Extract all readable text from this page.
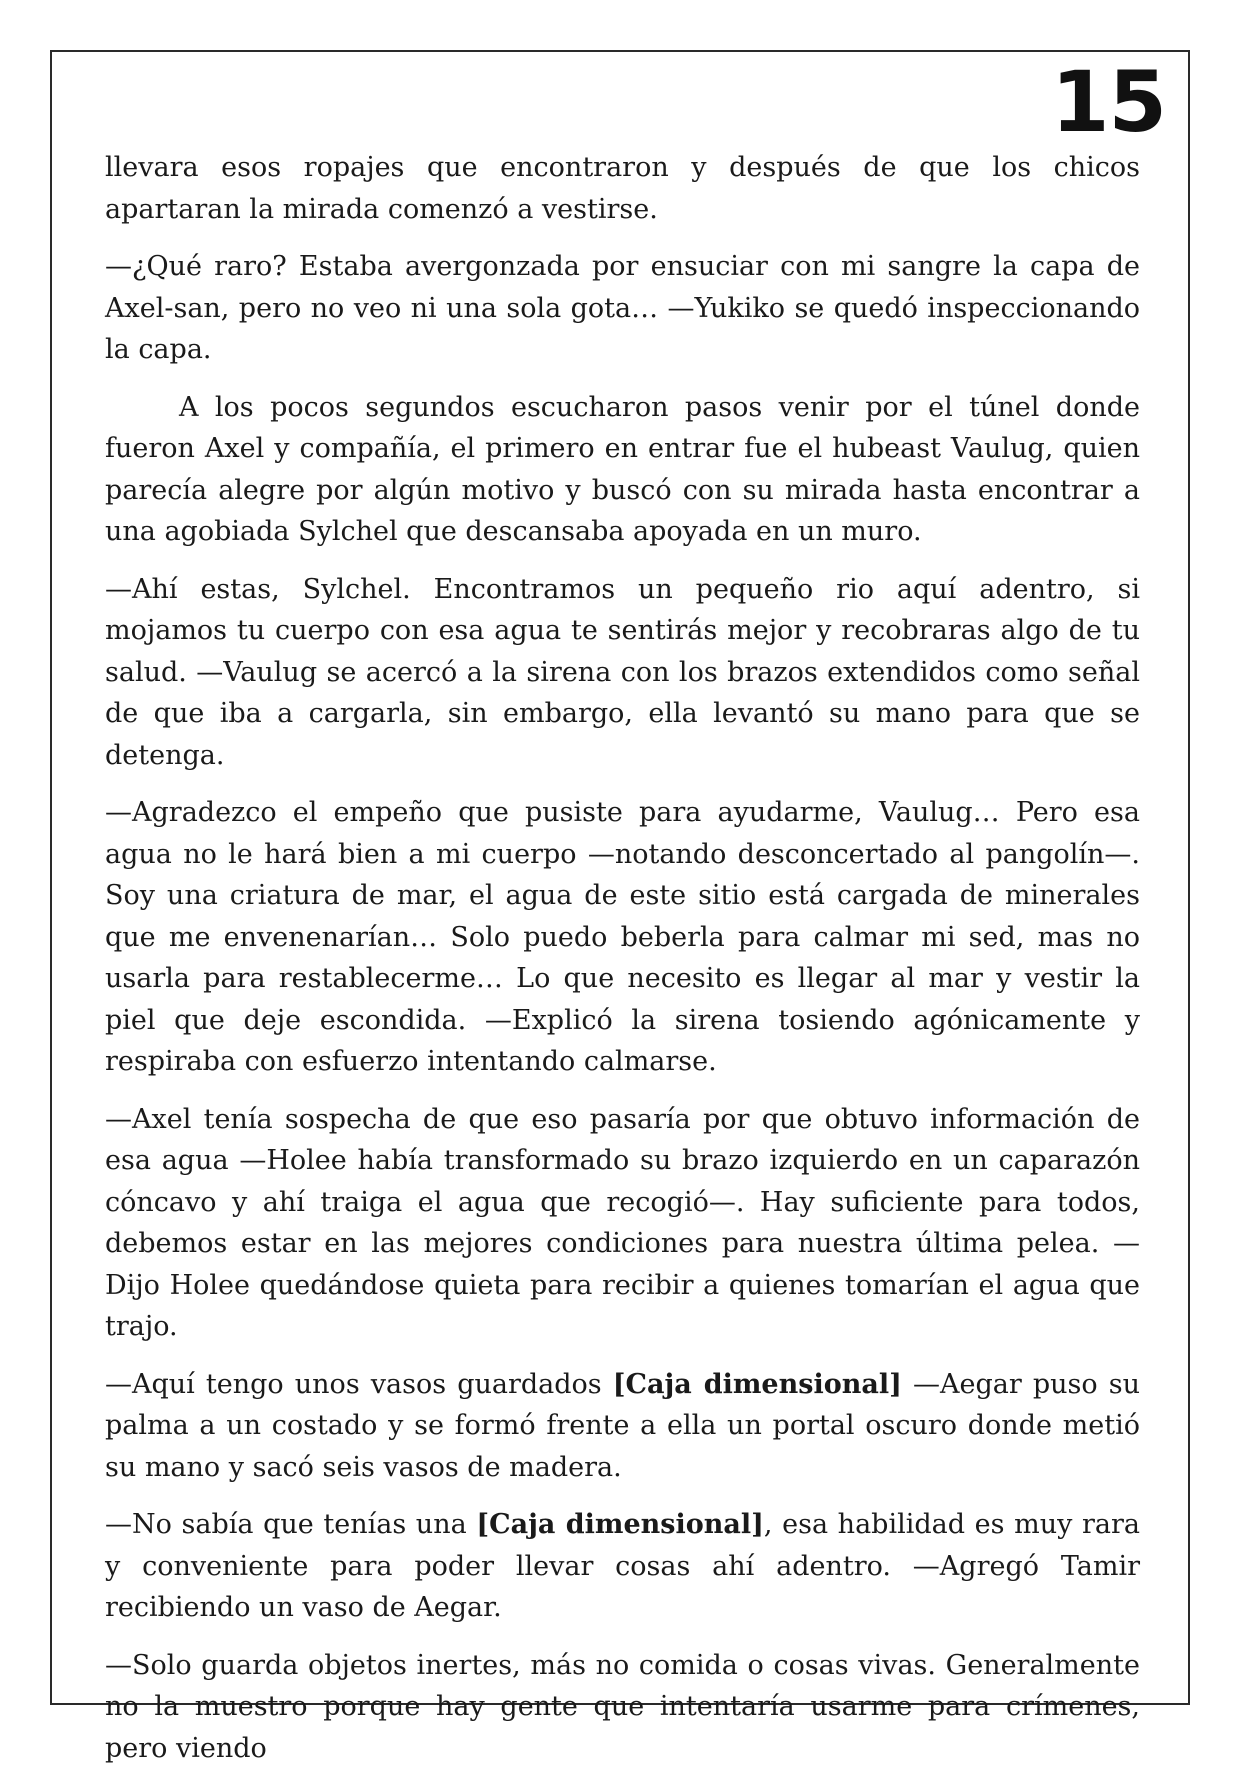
15

llevara esos ropajes que encontraron y después de que los chicos apartaran la mirada comenzó a vestirse.

—¿Qué raro? Estaba avergonzada por ensuciar con mi sangre la capa de Axel-san, pero no veo ni una sola gota… —Yukiko se quedó inspeccionando la capa.

A los pocos segundos escucharon pasos venir por el túnel donde fueron Axel y compañía, el primero en entrar fue el hubeast Vaulug, quien parecía alegre por algún motivo y buscó con su mirada hasta encontrar a una agobiada Sylchel que descansaba apoyada en un muro.

—Ahí estas, Sylchel. Encontramos un pequeño rio aquí adentro, si mojamos tu cuerpo con esa agua te sentirás mejor y recobraras algo de tu salud. —Vaulug se acercó a la sirena con los brazos extendidos como señal de que iba a cargarla, sin embargo, ella levantó su mano para que se detenga.

—Agradezco el empeño que pusiste para ayudarme, Vaulug… Pero esa agua no le hará bien a mi cuerpo —notando desconcertado al pangolín—. Soy una criatura de mar, el agua de este sitio está cargada de minerales que me envenenarían… Solo puedo beberla para calmar mi sed, mas no usarla para restablecerme… Lo que necesito es llegar al mar y vestir la piel que deje escondida. —Explicó la sirena tosiendo agónicamente y respiraba con esfuerzo intentando calmarse.

—Axel tenía sospecha de que eso pasaría por que obtuvo información de esa agua —Holee había transformado su brazo izquierdo en un caparazón cóncavo y ahí traiga el agua que recogió—. Hay suficiente para todos, debemos estar en las mejores condiciones para nuestra última pelea. —Dijo Holee quedándose quieta para recibir a quienes tomarían el agua que trajo.

—Aquí tengo unos vasos guardados [Caja dimensional] —Aegar puso su palma a un costado y se formó frente a ella un portal oscuro donde metió su mano y sacó seis vasos de madera.

—No sabía que tenías una [Caja dimensional], esa habilidad es muy rara y conveniente para poder llevar cosas ahí adentro. —Agregó Tamir recibiendo un vaso de Aegar.

—Solo guarda objetos inertes, más no comida o cosas vivas. Generalmente no la muestro porque hay gente que intentaría usarme para crímenes, pero viendo
